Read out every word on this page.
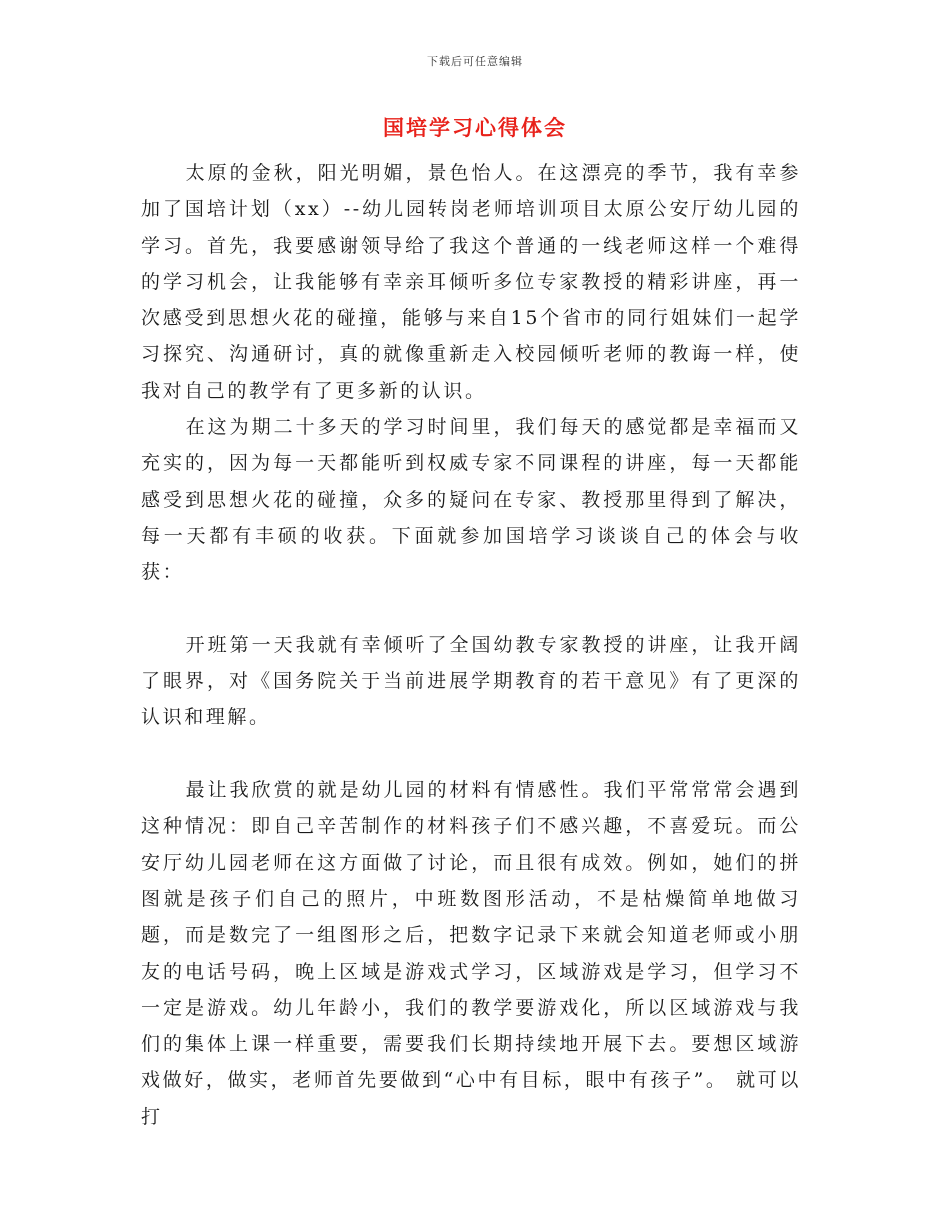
下载后可任意编辑
国培学习心得体会

太原的金秋，阳光明媚，景色怡人。在这漂亮的季节，我有幸参加了国培计划（xx）--幼儿园转岗老师培训项目太原公安厅幼儿园的学习。首先，我要感谢领导给了我这个普通的一线老师这样一个难得的学习机会，让我能够有幸亲耳倾听多位专家教授的精彩讲座，再一次感受到思想火花的碰撞，能够与来自15个省市的同行姐妹们一起学习探究、沟通研讨，真的就像重新走入校园倾听老师的教诲一样，使我对自己的教学有了更多新的认识。

在这为期二十多天的学习时间里，我们每天的感觉都是幸福而又充实的，因为每一天都能听到权威专家不同课程的讲座，每一天都能感受到思想火花的碰撞，众多的疑问在专家、教授那里得到了解决，每一天都有丰硕的收获。下面就参加国培学习谈谈自己的体会与收获：

开班第一天我就有幸倾听了全国幼教专家教授的讲座，让我开阔了眼界，对《国务院关于当前进展学期教育的若干意见》有了更深的认识和理解。

最让我欣赏的就是幼儿园的材料有情感性。我们平常常常会遇到这种情况：即自己辛苦制作的材料孩子们不感兴趣，不喜爱玩。而公安厅幼儿园老师在这方面做了讨论，而且很有成效。例如，她们的拼图就是孩子们自己的照片，中班数图形活动，不是枯燥简单地做习题，而是数完了一组图形之后，把数字记录下来就会知道老师或小朋友的电话号码，晚上区域是游戏式学习，区域游戏是学习，但学习不一定是游戏。幼儿年龄小，我们的教学要游戏化，所以区域游戏与我们的集体上课一样重要，需要我们长期持续地开展下去。要想区域游戏做好，做实，老师首先要做到“心中有目标，眼中有孩子”。 就可以打
